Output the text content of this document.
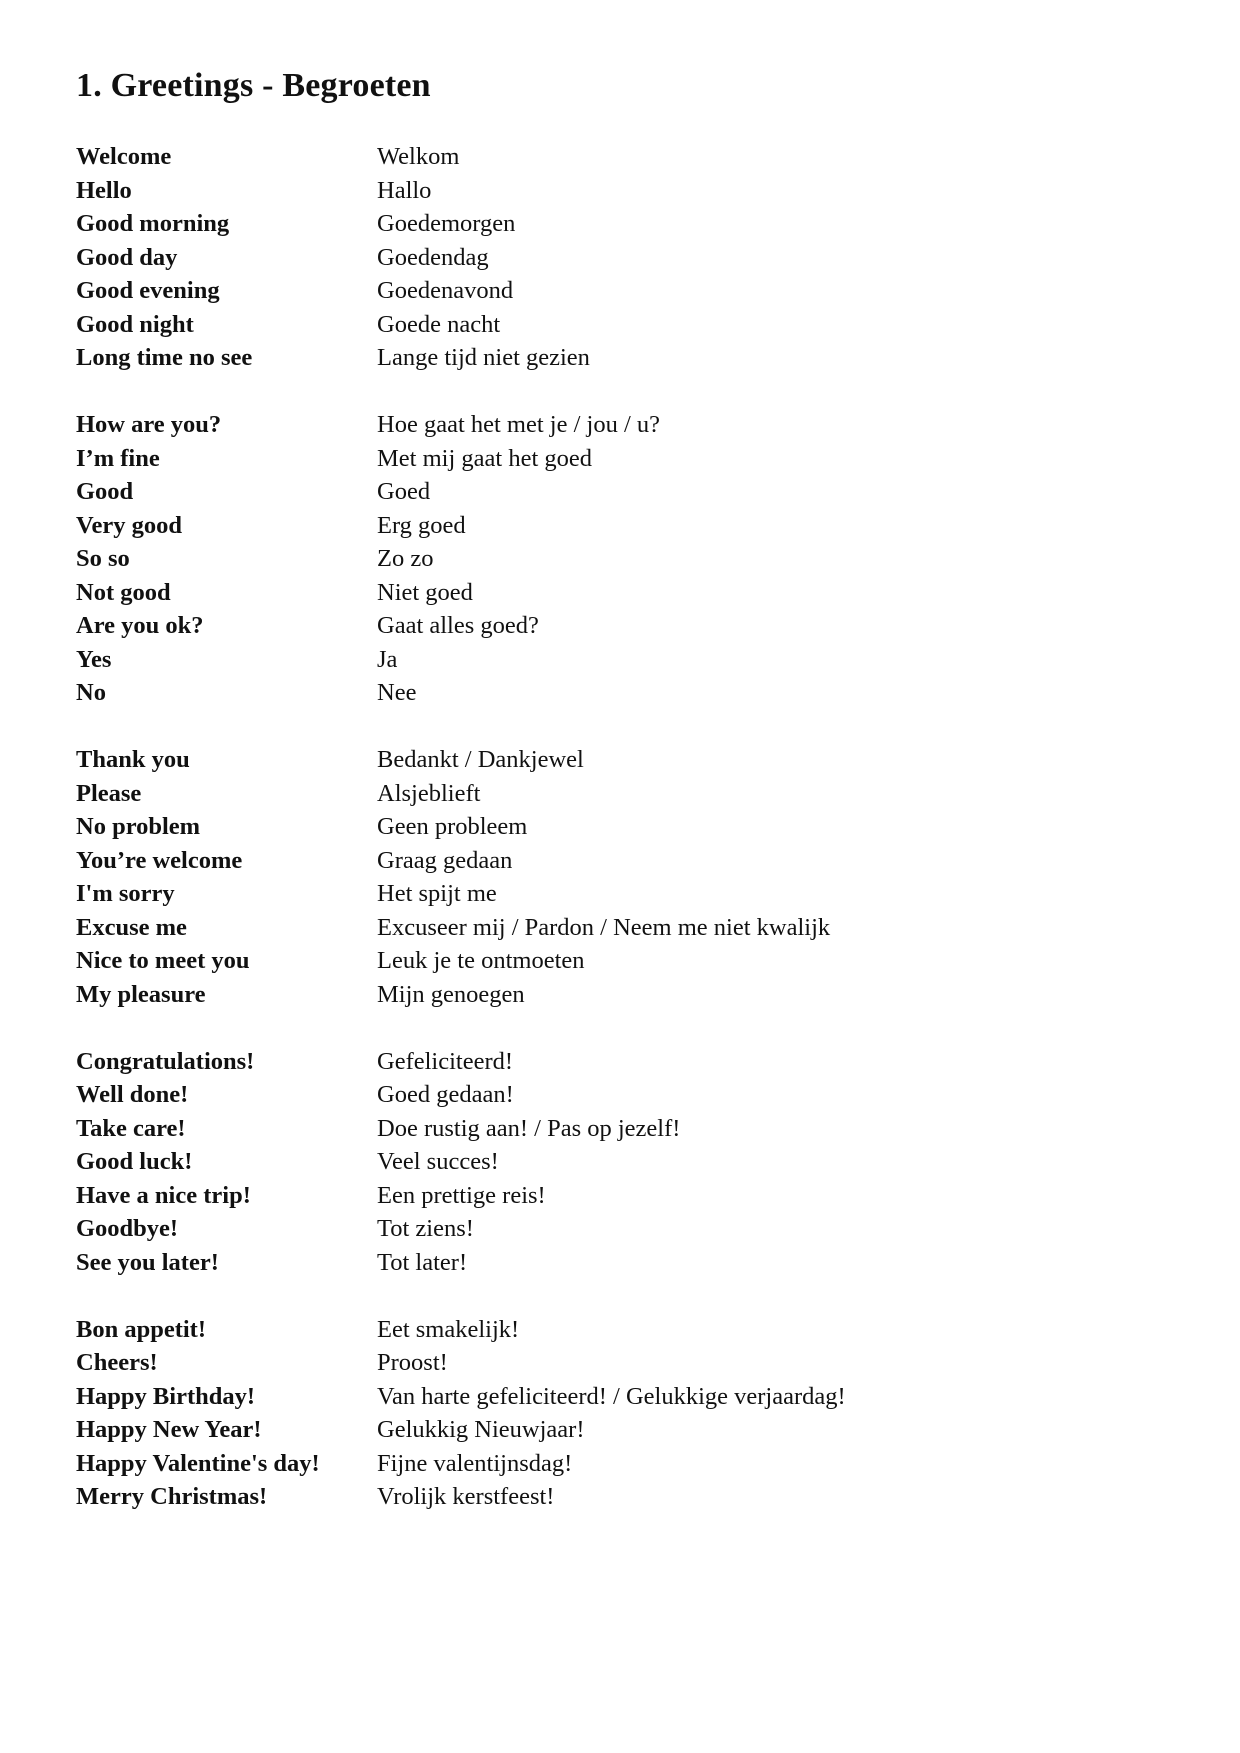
1. Greetings - Begroeten
Welcome	Welkom
Hello	Hallo
Good morning	Goedemorgen
Good day	Goedendag
Good evening	Goedenavond
Good night	Goede nacht
Long time no see	Lange tijd niet gezien
How are you?	Hoe gaat het met je / jou / u?
I’m fine	Met mij gaat het goed
Good	Goed
Very good	Erg goed
So so	Zo zo
Not good	Niet goed
Are you ok?	Gaat alles goed?
Yes	Ja
No	Nee
Thank you	Bedankt / Dankjewel
Please	Alsjeblieft
No problem	Geen probleem
You’re welcome	Graag gedaan
I'm sorry	Het spijt me
Excuse me	Excuseer mij / Pardon / Neem me niet kwalijk
Nice to meet you	Leuk je te ontmoeten
My pleasure	Mijn genoegen
Congratulations!	Gefeliciteerd!
Well done!	Goed gedaan!
Take care!	Doe rustig aan! / Pas op jezelf!
Good luck!	Veel succes!
Have a nice trip!	Een prettige reis!
Goodbye!	Tot ziens!
See you later!	Tot later!
Bon appetit!	Eet smakelijk!
Cheers!	Proost!
Happy Birthday!	Van harte gefeliciteerd! / Gelukkige verjaardag!
Happy New Year!	Gelukkig Nieuwjaar!
Happy Valentine's day!	Fijne valentijnsdag!
Merry Christmas!	Vrolijk kerstfeest!
